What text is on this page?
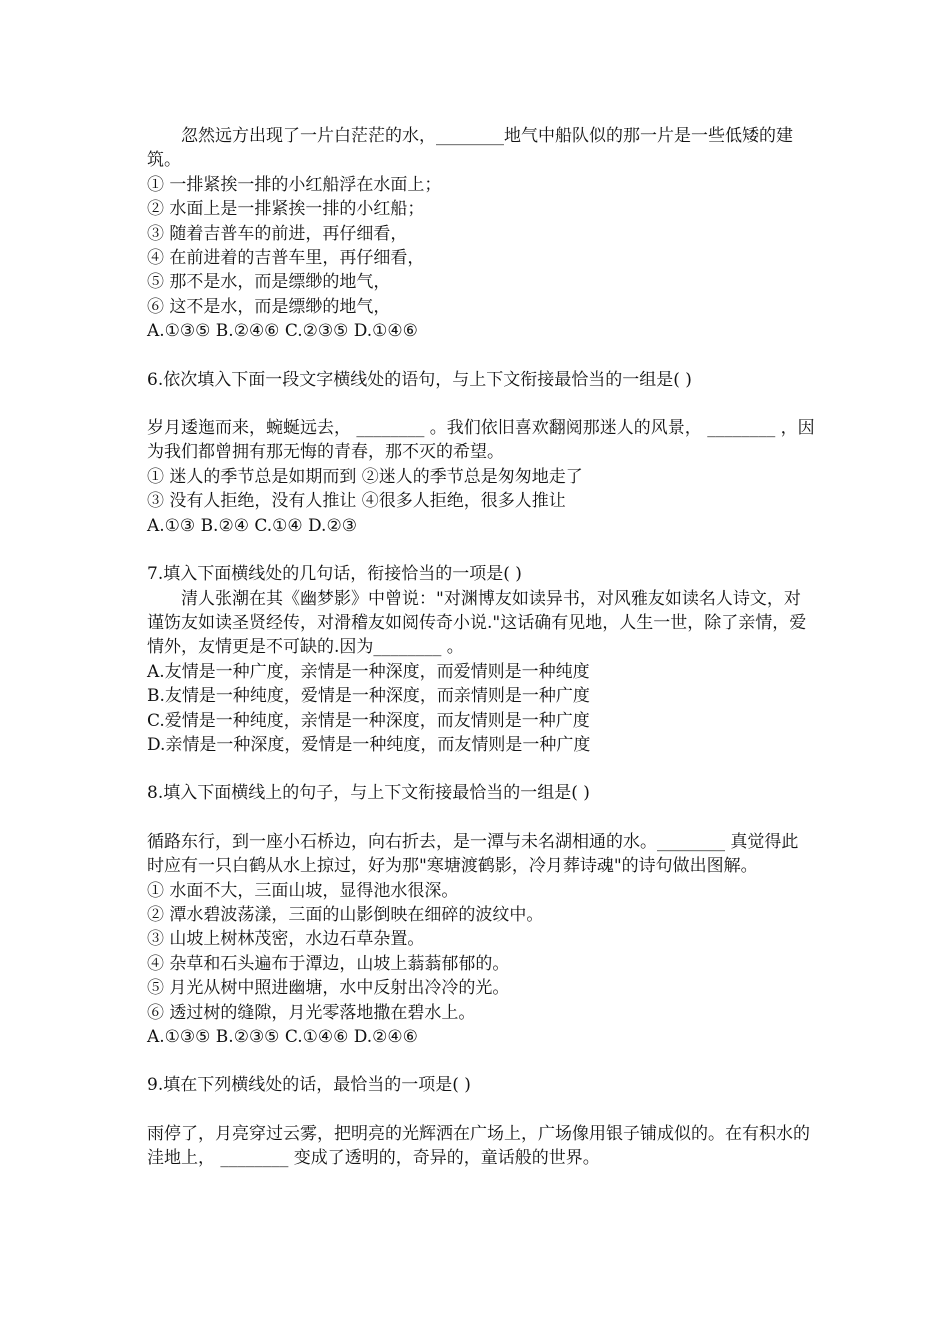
忽然远方出现了一片白茫茫的水，________地气中船队似的那一片是一些低矮的建筑。

① 一排紧挨一排的小红船浮在水面上；

② 水面上是一排紧挨一排的小红船；

③ 随着吉普车的前进，再仔细看，

④ 在前进着的吉普车里，再仔细看，

⑤ 那不是水，而是缥缈的地气，

⑥ 这不是水，而是缥缈的地气，

A.①③⑤ B.②④⑥ C.②③⑤ D.①④⑥

6.依次填入下面一段文字横线处的语句，与上下文衔接最恰当的一组是( )

岁月逶迤而来，蜿蜒远去， ________ 。我们依旧喜欢翻阅那迷人的风景， ________ ，因为我们都曾拥有那无悔的青春，那不灭的希望。

① 迷人的季节总是如期而到 ②迷人的季节总是匆匆地走了

③ 没有人拒绝，没有人推让 ④很多人拒绝，很多人推让

A.①③ B.②④ C.①④ D.②③

7.填入下面横线处的几句话，衔接恰当的一项是( )

清人张潮在其《幽梦影》中曾说："对渊博友如读异书，对风雅友如读名人诗文，对谨饬友如读圣贤经传，对滑稽友如阅传奇小说."这话确有见地，人生一世，除了亲情，爱情外，友情更是不可缺的.因为________ 。

A.友情是一种广度，亲情是一种深度，而爱情则是一种纯度

B.友情是一种纯度，爱情是一种深度，而亲情则是一种广度

C.爱情是一种纯度，亲情是一种深度，而友情则是一种广度

D.亲情是一种深度，爱情是一种纯度，而友情则是一种广度

8.填入下面横线上的句子，与上下文衔接最恰当的一组是( )

循路东行，到一座小石桥边，向右折去，是一潭与未名湖相通的水。________ 真觉得此时应有一只白鹤从水上掠过，好为那"寒塘渡鹤影，冷月葬诗魂"的诗句做出图解。

① 水面不大，三面山坡，显得池水很深。

② 潭水碧波荡漾，三面的山影倒映在细碎的波纹中。

③ 山坡上树林茂密，水边石草杂置。

④ 杂草和石头遍布于潭边，山坡上蓊蓊郁郁的。

⑤ 月光从树中照进幽塘，水中反射出冷冷的光。

⑥ 透过树的缝隙，月光零落地撒在碧水上。

A.①③⑤ B.②③⑤ C.①④⑥ D.②④⑥

9.填在下列横线处的话，最恰当的一项是( )

雨停了，月亮穿过云雾，把明亮的光辉洒在广场上，广场像用银子铺成似的。在有积水的洼地上， ________ 变成了透明的，奇异的，童话般的世界。
